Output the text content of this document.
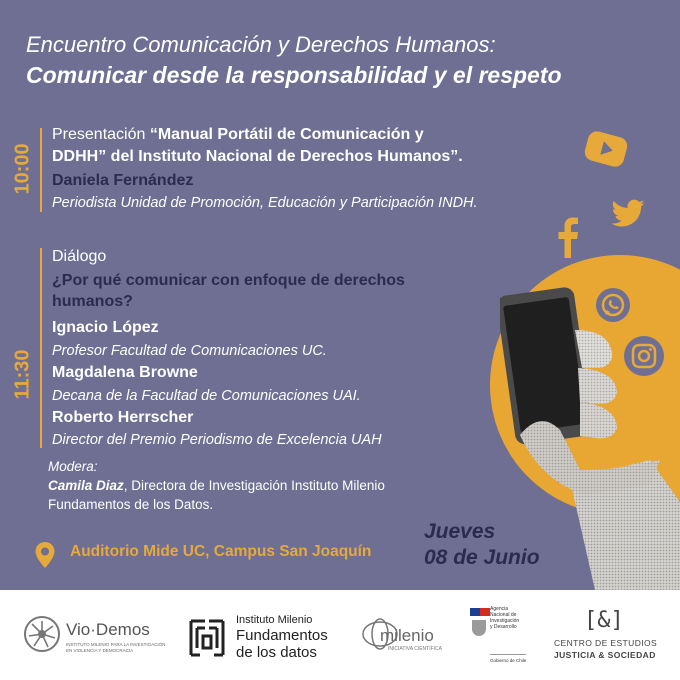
Encuentro Comunicación y Derechos Humanos:
Comunicar desde la responsabilidad y el respeto
10:00
Presentación “Manual Portátil de Comunicación y
DDHH” del Instituto Nacional de Derechos Humanos”.
Daniela Fernández
Periodista Unidad de Promoción, Educación y Participación INDH.
11:30
Diálogo
¿Por qué comunicar con enfoque de derechos
humanos?
Ignacio López
Profesor Facultad de Comunicaciones UC.
Magdalena Browne
Decana de la Facultad de Comunicaciones UAI.
Roberto Herrscher
Director del Premio Periodismo de Excelencia UAH
Modera:
Camila Diaz, Directora de Investigación Instituto Milenio
Fundamentos de los Datos.
Jueves
08 de Junio
Auditorio Mide UC, Campus San Joaquín
Vio·Demos
INSTITUTO MILENIO PARA LA INVESTIGACIÓN
EN VIOLENCIA Y DEMOCRACIA
Instituto Milenio
Fundamentos
de los datos
milenio
INICIATIVA CIENTÍFICA
Agencia
Nacional de
Investigación
y Desarrollo
Gobierno de Chile
[&]
CENTRO DE ESTUDIOS
JUSTICIA & SOCIEDAD
